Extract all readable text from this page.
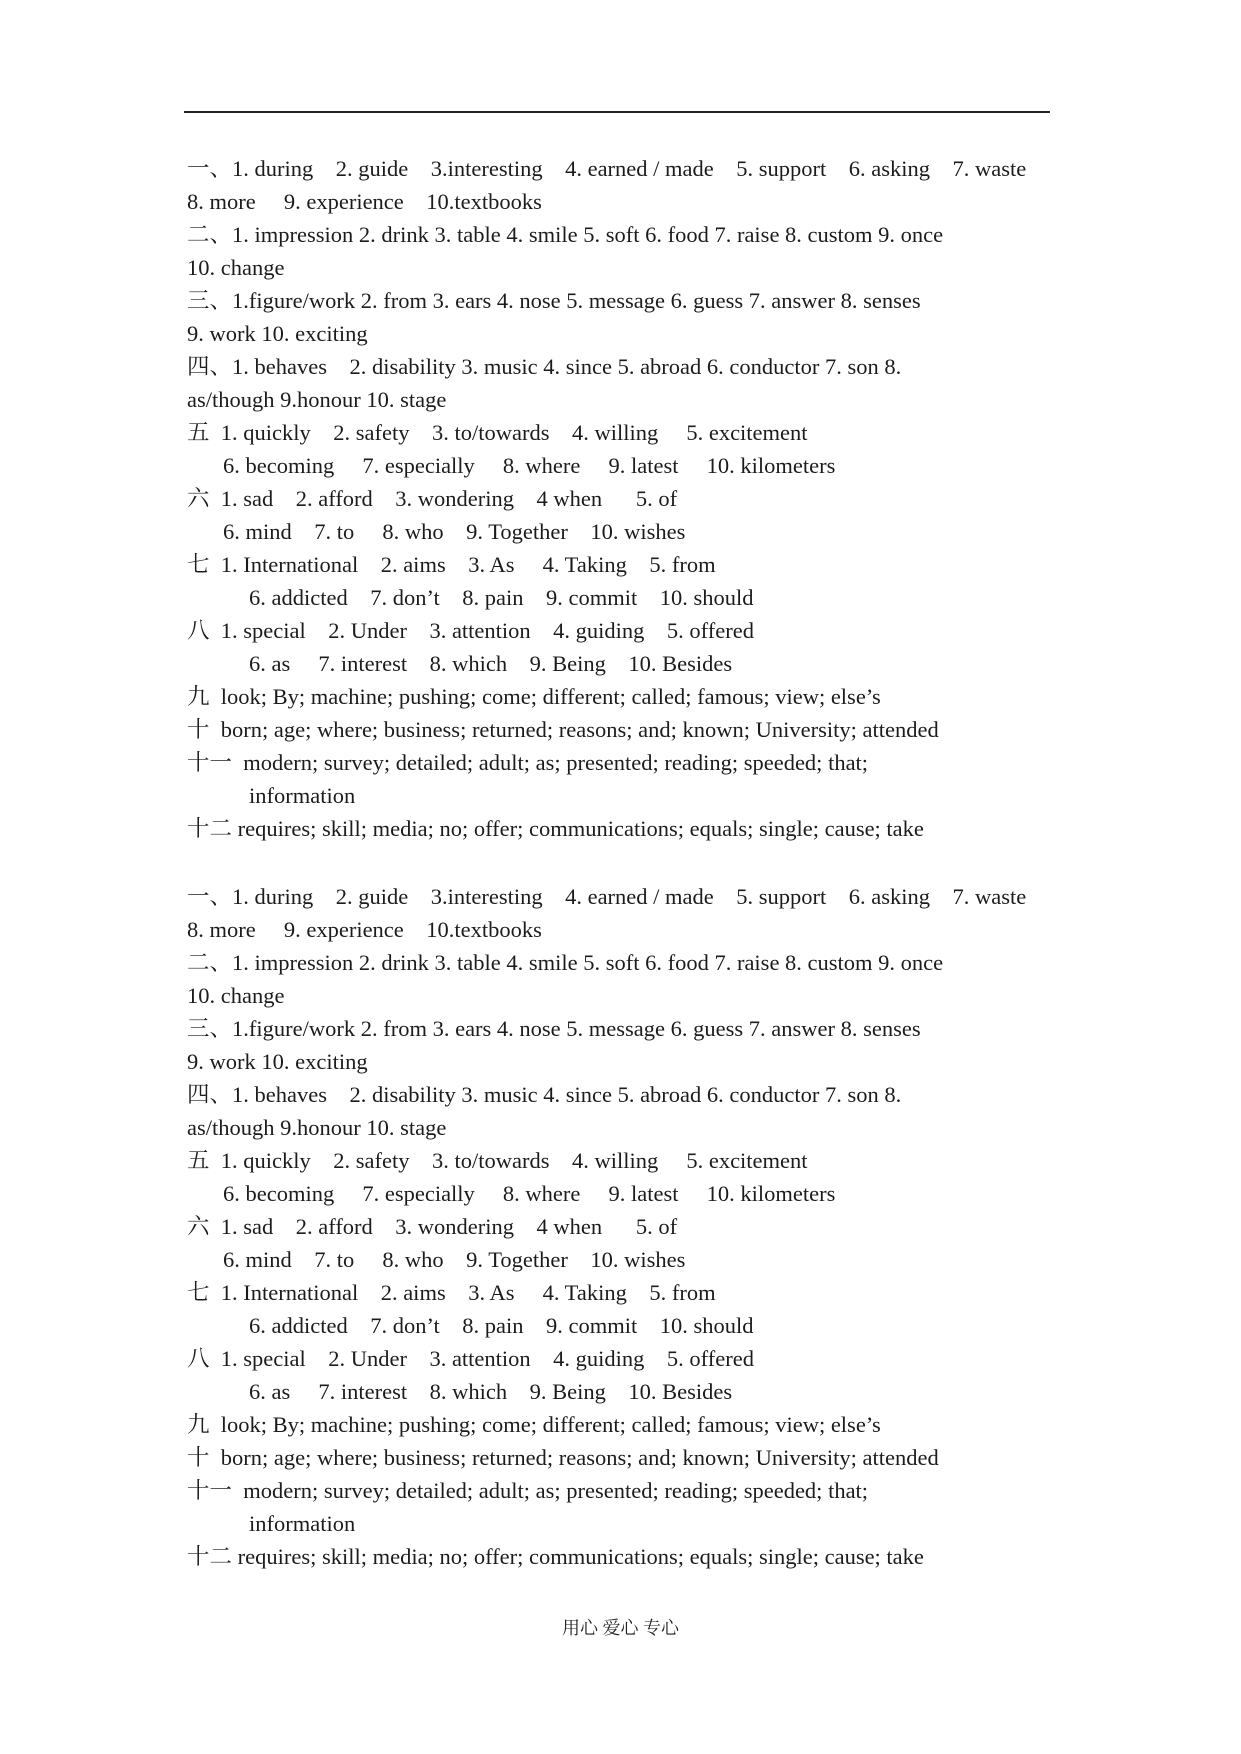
一、1. during    2. guide    3.interesting    4. earned / made    5. support    6. asking    7. waste
8. more     9. experience    10.textbooks
二、1. impression 2. drink 3. table 4. smile 5. soft 6. food 7. raise 8. custom 9. once
10. change
三、1.figure/work 2. from 3. ears 4. nose 5. message 6. guess 7. answer 8. senses
9. work 10. exciting
四、1. behaves    2. disability 3. music 4. since 5. abroad 6. conductor 7. son 8.
as/though 9.honour 10. stage
五  1. quickly    2. safety    3. to/towards    4. willing     5. excitement
6. becoming     7. especially     8. where     9. latest     10. kilometers
六  1. sad    2. afford    3. wondering    4 when      5. of
6. mind    7. to     8. who    9. Together    10. wishes
七  1. International    2. aims    3. As     4. Taking    5. from
6. addicted    7. don’t    8. pain    9. commit    10. should
八  1. special    2. Under    3. attention    4. guiding    5. offered
6. as     7. interest    8. which    9. Being    10. Besides
九  look; By; machine; pushing; come; different; called; famous; view; else’s
十  born; age; where; business; returned; reasons; and; known; University; attended
十一  modern; survey; detailed; adult; as; presented; reading; speeded; that;
information
十二 requires; skill; media; no; offer; communications; equals; single; cause; take
一、1. during    2. guide    3.interesting    4. earned / made    5. support    6. asking    7. waste
8. more     9. experience    10.textbooks
二、1. impression 2. drink 3. table 4. smile 5. soft 6. food 7. raise 8. custom 9. once
10. change
三、1.figure/work 2. from 3. ears 4. nose 5. message 6. guess 7. answer 8. senses
9. work 10. exciting
四、1. behaves    2. disability 3. music 4. since 5. abroad 6. conductor 7. son 8.
as/though 9.honour 10. stage
五  1. quickly    2. safety    3. to/towards    4. willing     5. excitement
6. becoming     7. especially     8. where     9. latest     10. kilometers
六  1. sad    2. afford    3. wondering    4 when      5. of
6. mind    7. to     8. who    9. Together    10. wishes
七  1. International    2. aims    3. As     4. Taking    5. from
6. addicted    7. don’t    8. pain    9. commit    10. should
八  1. special    2. Under    3. attention    4. guiding    5. offered
6. as     7. interest    8. which    9. Being    10. Besides
九  look; By; machine; pushing; come; different; called; famous; view; else’s
十  born; age; where; business; returned; reasons; and; known; University; attended
十一  modern; survey; detailed; adult; as; presented; reading; speeded; that;
information
十二 requires; skill; media; no; offer; communications; equals; single; cause; take
用心 爱心 专心
